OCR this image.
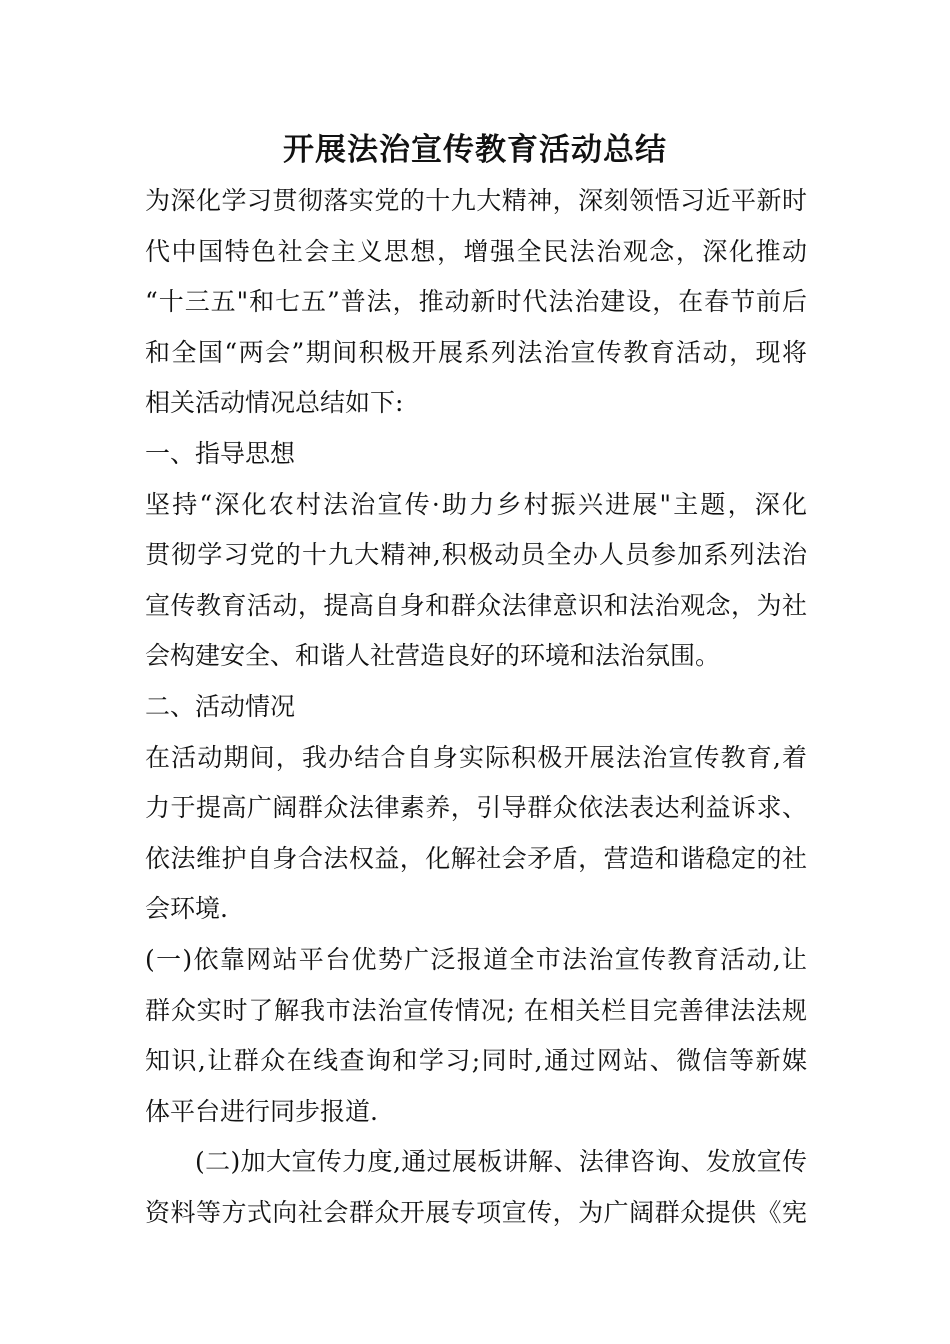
开展法治宣传教育活动总结
为深化学习贯彻落实党的十九大精神，深刻领悟习近平新时
代中国特色社会主义思想，增强全民法治观念，深化推动
“十三五"和七五”普法，推动新时代法治建设，在春节前后
和全国“两会”期间积极开展系列法治宣传教育活动，现将
相关活动情况总结如下:
一、指导思想
坚持“深化农村法治宣传·助力乡村振兴进展"主题，深化
贯彻学习党的十九大精神,积极动员全办人员参加系列法治
宣传教育活动，提高自身和群众法律意识和法治观念，为社
会构建安全、和谐人社营造良好的环境和法治氛围。
二、活动情况
在活动期间，我办结合自身实际积极开展法治宣传教育,着
力于提高广阔群众法律素养，引导群众依法表达利益诉求、
依法维护自身合法权益，化解社会矛盾，营造和谐稳定的社
会环境.
(一)依靠网站平台优势广泛报道全市法治宣传教育活动,让
群众实时了解我市法治宣传情况; 在相关栏目完善律法法规
知识,让群众在线查询和学习;同时,通过网站、微信等新媒
体平台进行同步报道.
(二)加大宣传力度,通过展板讲解、法律咨询、发放宣传
资料等方式向社会群众开展专项宣传，为广阔群众提供《宪
